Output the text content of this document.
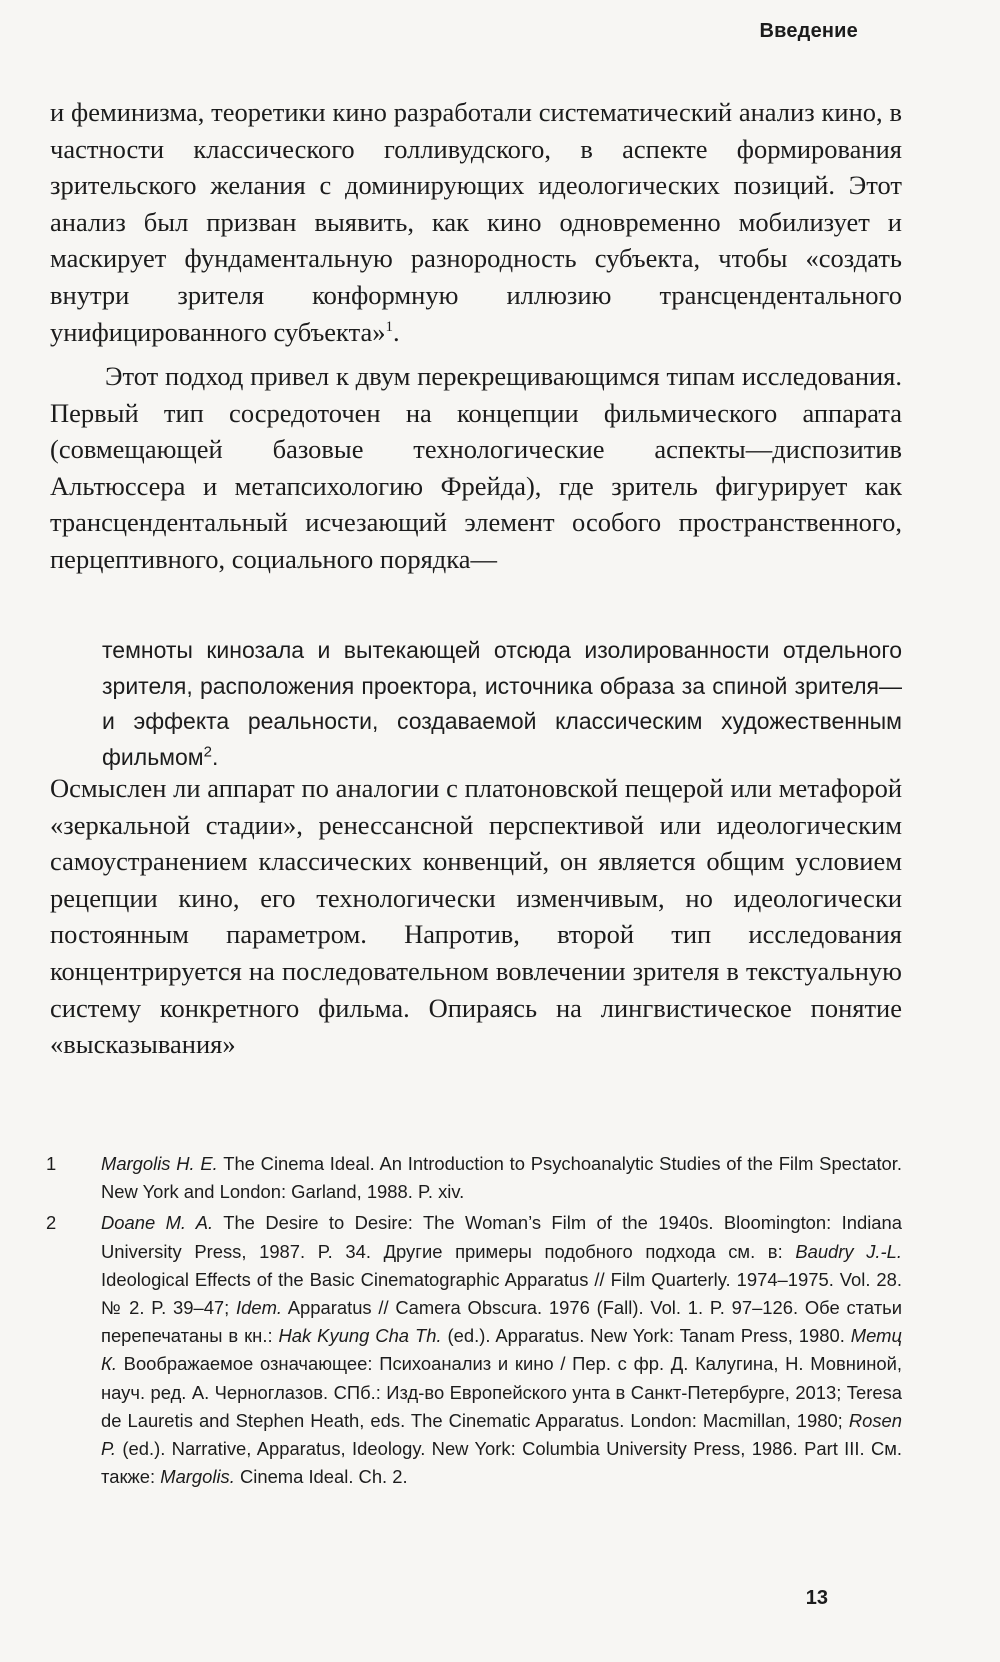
Введение
и феминизма, теоретики кино разработали систематический анализ кино, в частности классического голливудского, в аспекте формирования зрительского желания с доминирующих идеологических позиций. Этот анализ был призван выявить, как кино одновременно мобилизует и маскирует фундаментальную разнородность субъекта, чтобы «создать внутри зрителя конформную иллюзию трансцендентального унифицированного субъекта»$^1$.
Этот подход привел к двум перекрещивающимся типам исследования. Первый тип сосредоточен на концепции фильмического аппарата (совмещающей базовые технологические аспекты—диспозитив Альтюссера и метапсихологию Фрейда), где зритель фигурирует как трансцендентальный исчезающий элемент особого пространственного, перцептивного, социального порядка—
темноты кинозала и вытекающей отсюда изолированности отдельного зрителя, расположения проектора, источника образа за спиной зрителя—и эффекта реальности, создаваемой классическим художественным фильмом$^2$.
Осмыслен ли аппарат по аналогии с платоновской пещерой или метафорой «зеркальной стадии», ренессансной перспективой или идеологическим самоустранением классических конвенций, он является общим условием рецепции кино, его технологически изменчивым, но идеологически постоянным параметром. Напротив, второй тип исследования концентрируется на последовательном вовлечении зрителя в текстуальную систему конкретного фильма. Опираясь на лингвистическое понятие «высказывания»
1	Margolis H. E. The Cinema Ideal. An Introduction to Psychoanalytic Studies of the Film Spectator. New York and London: Garland, 1988. P. xiv.
2	Doane M. A. The Desire to Desire: The Woman’s Film of the 1940s. Bloomington: Indiana University Press, 1987. P. 34. Другие примеры подобного подхода см. в: Baudry J.-L. Ideological Effects of the Basic Cinematographic Apparatus // Film Quarterly. 1974–1975. Vol. 28. № 2. P. 39–47; Idem. Apparatus // Camera Obscura. 1976 (Fall). Vol. 1. P. 97–126. Обе статьи перепечатаны в кн.: Hak Kyung Cha Th. (ed.). Apparatus. New York: Tanam Press, 1980. Метц К. Воображаемое означающее: Психоанализ и кино / Пер. с фр. Д. Калугина, Н. Мовниной, науч. ред. А. Черноглазов. СПб.: Изд-во Европейского унта в Санкт-Петербурге, 2013; Teresa de Lauretis and Stephen Heath, eds. The Cinematic Apparatus. London: Macmillan, 1980; Rosen P. (ed.). Narrative, Apparatus, Ideology. New York: Columbia University Press, 1986. Part III. См. также: Margolis. Cinema Ideal. Ch. 2.
13
